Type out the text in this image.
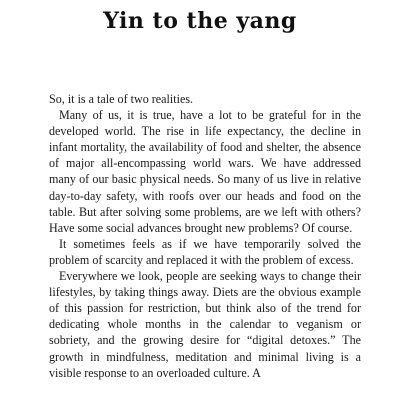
Yin to the yang

So, it is a tale of two realities.

Many of us, it is true, have a lot to be grateful for in the developed world. The rise in life expectancy, the decline in infant mortality, the availability of food and shelter, the absence of major all-encompassing world wars. We have addressed many of our basic physical needs. So many of us live in relative day-to-day safety, with roofs over our heads and food on the table. But after solving some problems, are we left with others? Have some social advances brought new problems? Of course.

It sometimes feels as if we have temporarily solved the problem of scarcity and replaced it with the problem of excess.

Everywhere we look, people are seeking ways to change their lifestyles, by taking things away. Diets are the obvious example of this passion for restriction, but think also of the trend for dedicating whole months in the calendar to veganism or sobriety, and the growing desire for “digital detoxes.” The growth in mindfulness, meditation and minimal living is a visible response to an overloaded culture. A
